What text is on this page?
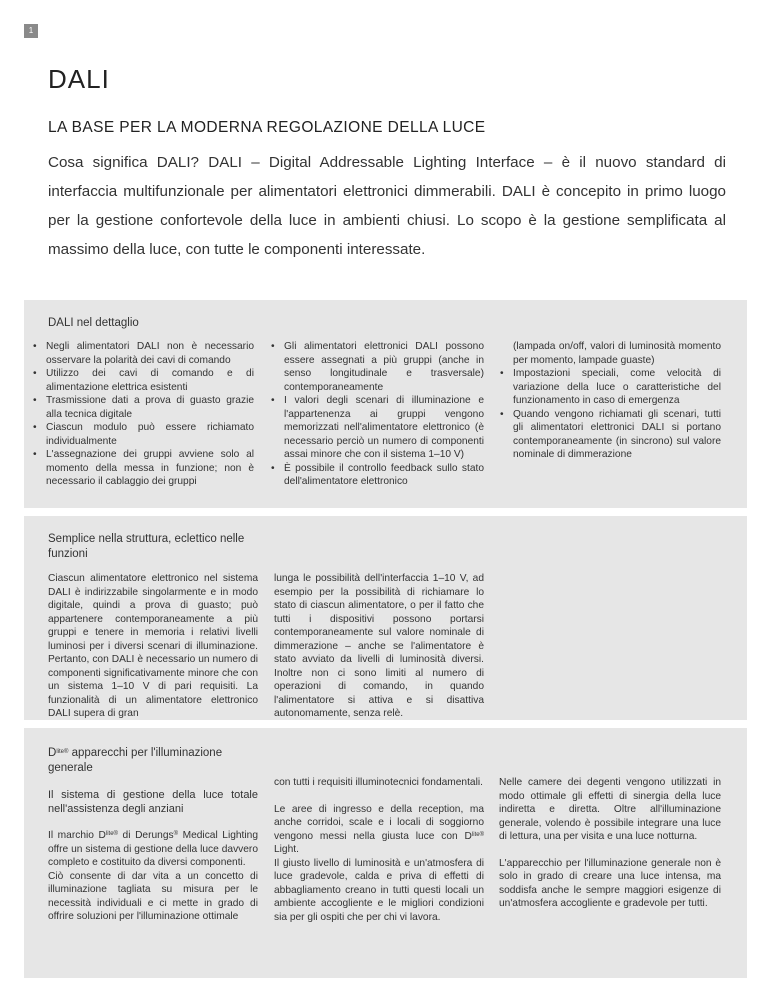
1
DALI
LA BASE PER LA MODERNA REGOLAZIONE DELLA LUCE

Cosa significa DALI? DALI – Digital Addressable Lighting Interface – è il nuovo standard di interfaccia multifunzionale per alimentatori elettronici dimmerabili. DALI è concepito in primo luogo per la gestione confortevole della luce in ambienti chiusi. Lo scopo è la gestione semplificata al massimo della luce, con tutte le componenti interessate.

DALI nel dettaglio
• Negli alimentatori DALI non è necessario osservare la polarità dei cavi di comando
• Utilizzo dei cavi di comando e di alimentazione elettrica esistenti
• Trasmissione dati a prova di guasto grazie alla tecnica digitale
• Ciascun modulo può essere richiamato individualmente
• L'assegnazione dei gruppi avviene solo al momento della messa in funzione; non è necessario il cablaggio dei gruppi
• Gli alimentatori elettronici DALI possono essere assegnati a più gruppi (anche in senso longitudinale e trasversale) contemporaneamente
• I valori degli scenari di illuminazione e l'appartenenza ai gruppi vengono memorizzati nell'alimentatore elettronico (è necessario perciò un numero di componenti assai minore che con il sistema 1–10 V)
• È possibile il controllo feedback sullo stato dell'alimentatore elettronico
(lampada on/off, valori di luminosità momento per momento, lampade guaste)
• Impostazioni speciali, come velocità di variazione della luce o caratteristiche del funzionamento in caso di emergenza
• Quando vengono richiamati gli scenari, tutti gli alimentatori elettronici DALI si portano contemporaneamente (in sincrono) sul valore nominale di dimmerazione
Semplice nella struttura, eclettico nelle funzioni
Ciascun alimentatore elettronico nel sistema DALI è indirizzabile singolarmente e in modo digitale, quindi a prova di guasto; può appartenere contemporaneamente a più gruppi e tenere in memoria i relativi livelli luminosi per i diversi scenari di illuminazione. Pertanto, con DALI è necessario un numero di componenti significativamente minore che con un sistema 1–10 V di pari requisiti. La funzionalità di un alimentatore elettronico DALI supera di gran
lunga le possibilità dell'interfaccia 1–10 V, ad esempio per la possibilità di richiamare lo stato di ciascun alimentatore, o per il fatto che tutti i dispositivi possono portarsi contemporaneamente sul valore nominale di dimmerazione – anche se l'alimentatore è stato avviato da livelli di luminosità diversi. Inoltre non ci sono limiti al numero di operazioni di comando, in quando l'alimentatore si attiva e si disattiva autonomamente, senza relè.
$D^{lite®}$ apparecchi per l'illuminazione generale

Il sistema di gestione della luce totale nell'assistenza degli anziani

Il marchio $D^{lite®}$ di Derungs® Medical Lighting offre un sistema di gestione della luce davvero completo e costituito da diversi componenti.
Ciò consente di dar vita a un concetto di illuminazione tagliata su misura per le necessità individuali e ci mette in grado di offrire soluzioni per l'illuminazione ottimale

con tutti i requisiti illuminotecnici fondamentali.

Le aree di ingresso e della reception, ma anche corridoi, scale e i locali di soggiorno vengono messi nella giusta luce con $D^{lite®}$ Light.

Il giusto livello di luminosità e un'atmosfera di luce gradevole, calda e priva di effetti di abbagliamento creano in tutti questi locali un ambiente accogliente e le migliori condizioni sia per gli ospiti che per chi vi lavora.

Nelle camere dei degenti vengono utilizzati in modo ottimale gli effetti di sinergia della luce indiretta e diretta. Oltre all'illuminazione generale, volendo è possibile integrare una luce di lettura, una per visita e una luce notturna.

L'apparecchio per l'illuminazione generale non è solo in grado di creare una luce intensa, ma soddisfa anche le sempre maggiori esigenze di un'atmosfera accogliente e gradevole per tutti.
